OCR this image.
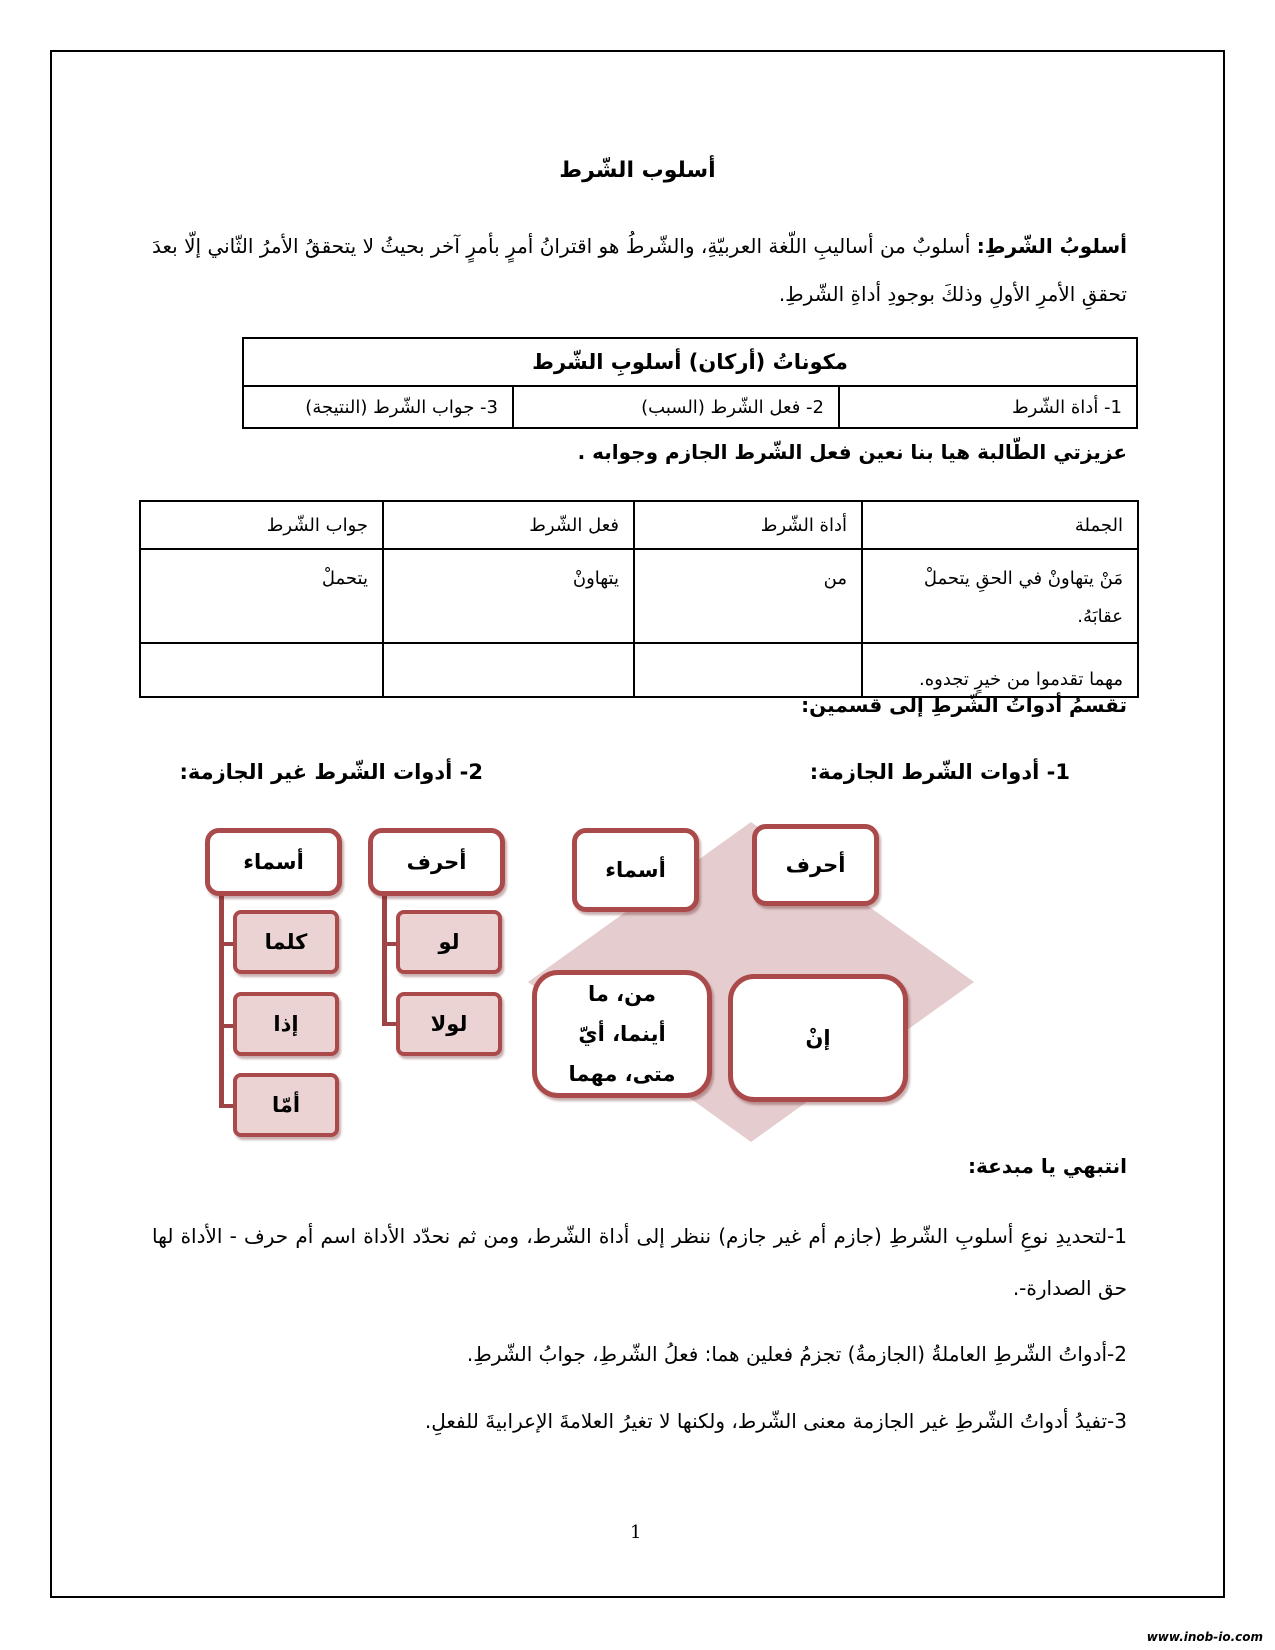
أسلوب الشّرط
أسلوبُ الشّرطِ: أسلوبٌ من أساليبِ اللّغة العربيّةِ، والشّرطُ هو اقترانُ أمرٍ بأمرٍ آخر بحيثُ لا يتحققُ الأمرُ الثّاني إلّا بعدَ تحققِ الأمرِ الأولِ وذلكَ بوجودِ أداةِ الشّرطِ.
مكوناتُ (أركان) أسلوبِ الشّرط
1- أداة الشّرط	2- فعل الشّرط (السبب)	3- جواب الشّرط (النتيجة)
عزيزتي الطّالبة هيا بنا نعين فعل الشّرط الجازم وجوابه .
الجملة	أداة الشّرط	فعل الشّرط	جواب الشّرط
مَنْ يتهاونْ في الحقِ يتحملْ عقابَهُ.	من	يتهاونْ	يتحملْ
مهما تقدموا من خيرٍ تجدوه.			
تقسمُ أدواتُ الشّرطِ إلى قسمين:
1- أدوات الشّرط الجازمة:
2- أدوات الشّرط غير الجازمة:
أسماء	أحرف
من، ما
أينما، أيّ
متى، مهما
إنْ
أسماء
كلما
إذا
أمّا
أحرف
لو
لولا
انتبهي يا مبدعة:
1-لتحديدِ نوعِ أسلوبِ الشّرطِ (جازم أم غير جازم) ننظر إلى أداة الشّرط، ومن ثم نحدّد الأداة اسم أم حرف - الأداة لها حق الصدارة-.
2-أدواتُ الشّرطِ العاملةُ (الجازمةُ) تجزمُ فعلين هما: فعلُ الشّرطِ، جوابُ الشّرطِ.
3-تفيدُ أدواتُ الشّرطِ غير الجازمة معنى الشّرط، ولكنها لا تغيرُ العلامةَ الإعرابيةَ للفعلِ.
1
www.inob-io.com
